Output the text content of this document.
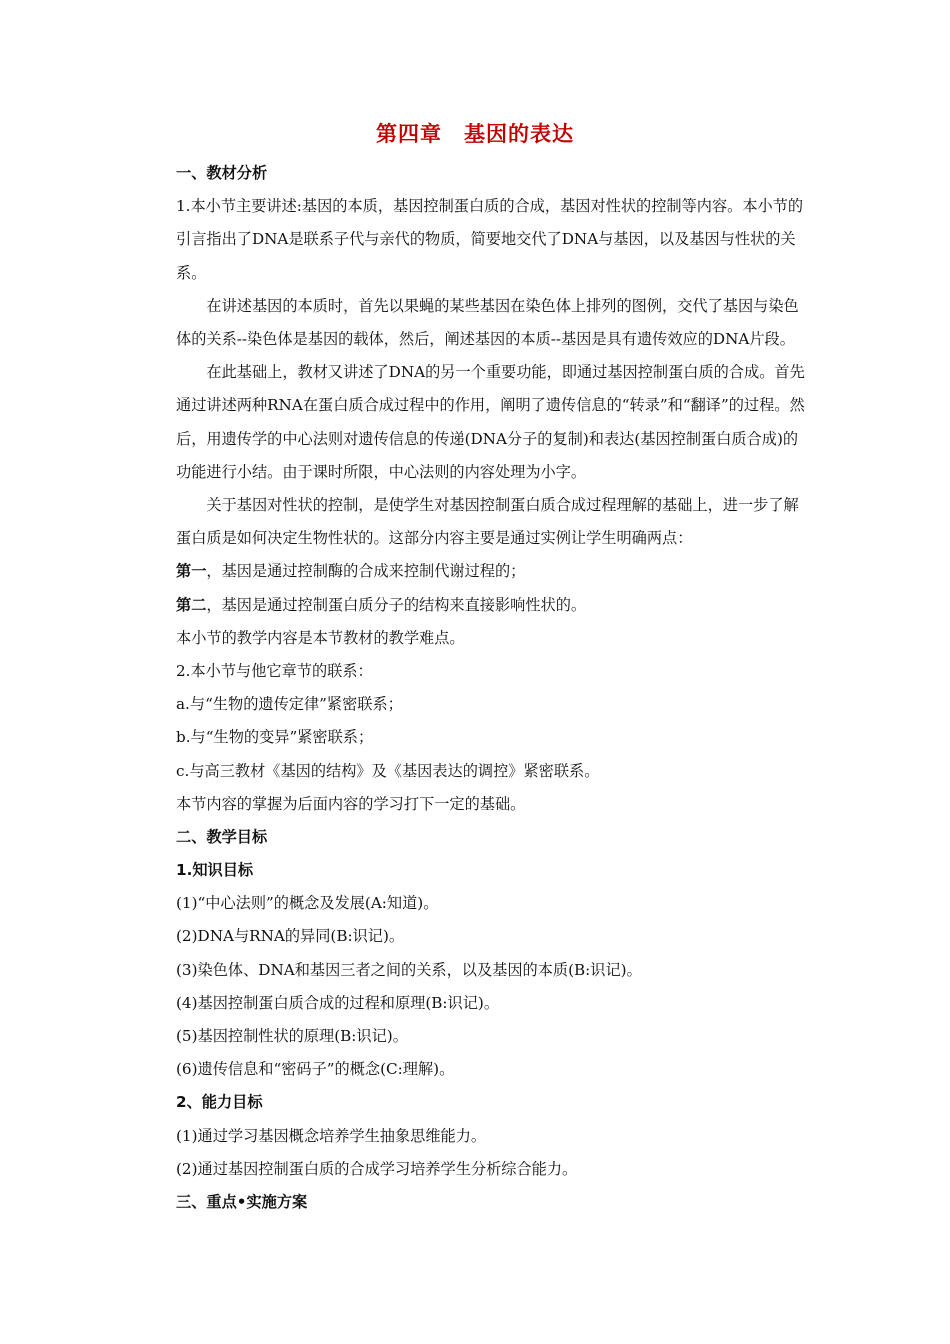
第四章　基因的表达
一、教材分析
1.本小节主要讲述:基因的本质，基因控制蛋白质的合成，基因对性状的控制等内容。本小节的引言指出了DNA是联系子代与亲代的物质，简要地交代了DNA与基因，以及基因与性状的关系。
在讲述基因的本质时，首先以果蝇的某些基因在染色体上排列的图例，交代了基因与染色体的关系--染色体是基因的载体，然后，阐述基因的本质--基因是具有遗传效应的DNA片段。
在此基础上，教材又讲述了DNA的另一个重要功能，即通过基因控制蛋白质的合成。首先通过讲述两种RNA在蛋白质合成过程中的作用，阐明了遗传信息的“转录”和“翻译”的过程。然后，用遗传学的中心法则对遗传信息的传递(DNA分子的复制)和表达(基因控制蛋白质合成)的功能进行小结。由于课时所限，中心法则的内容处理为小字。
关于基因对性状的控制，是使学生对基因控制蛋白质合成过程理解的基础上，进一步了解蛋白质是如何决定生物性状的。这部分内容主要是通过实例让学生明确两点：
第一，基因是通过控制酶的合成来控制代谢过程的；
第二，基因是通过控制蛋白质分子的结构来直接影响性状的。
本小节的教学内容是本节教材的教学难点。
2.本小节与他它章节的联系：
a.与“生物的遗传定律”紧密联系；
b.与“生物的变异”紧密联系；
c.与高三教材《基因的结构》及《基因表达的调控》紧密联系。
本节内容的掌握为后面内容的学习打下一定的基础。
二、教学目标
1.知识目标
(1)“中心法则”的概念及发展(A:知道)。
(2)DNA与RNA的异同(B:识记)。
(3)染色体、DNA和基因三者之间的关系，以及基因的本质(B:识记)。
(4)基因控制蛋白质合成的过程和原理(B:识记)。
(5)基因控制性状的原理(B:识记)。
(6)遗传信息和“密码子”的概念(C:理解)。
2、能力目标
(1)通过学习基因概念培养学生抽象思维能力。
(2)通过基因控制蛋白质的合成学习培养学生分析综合能力。
三、重点•实施方案
